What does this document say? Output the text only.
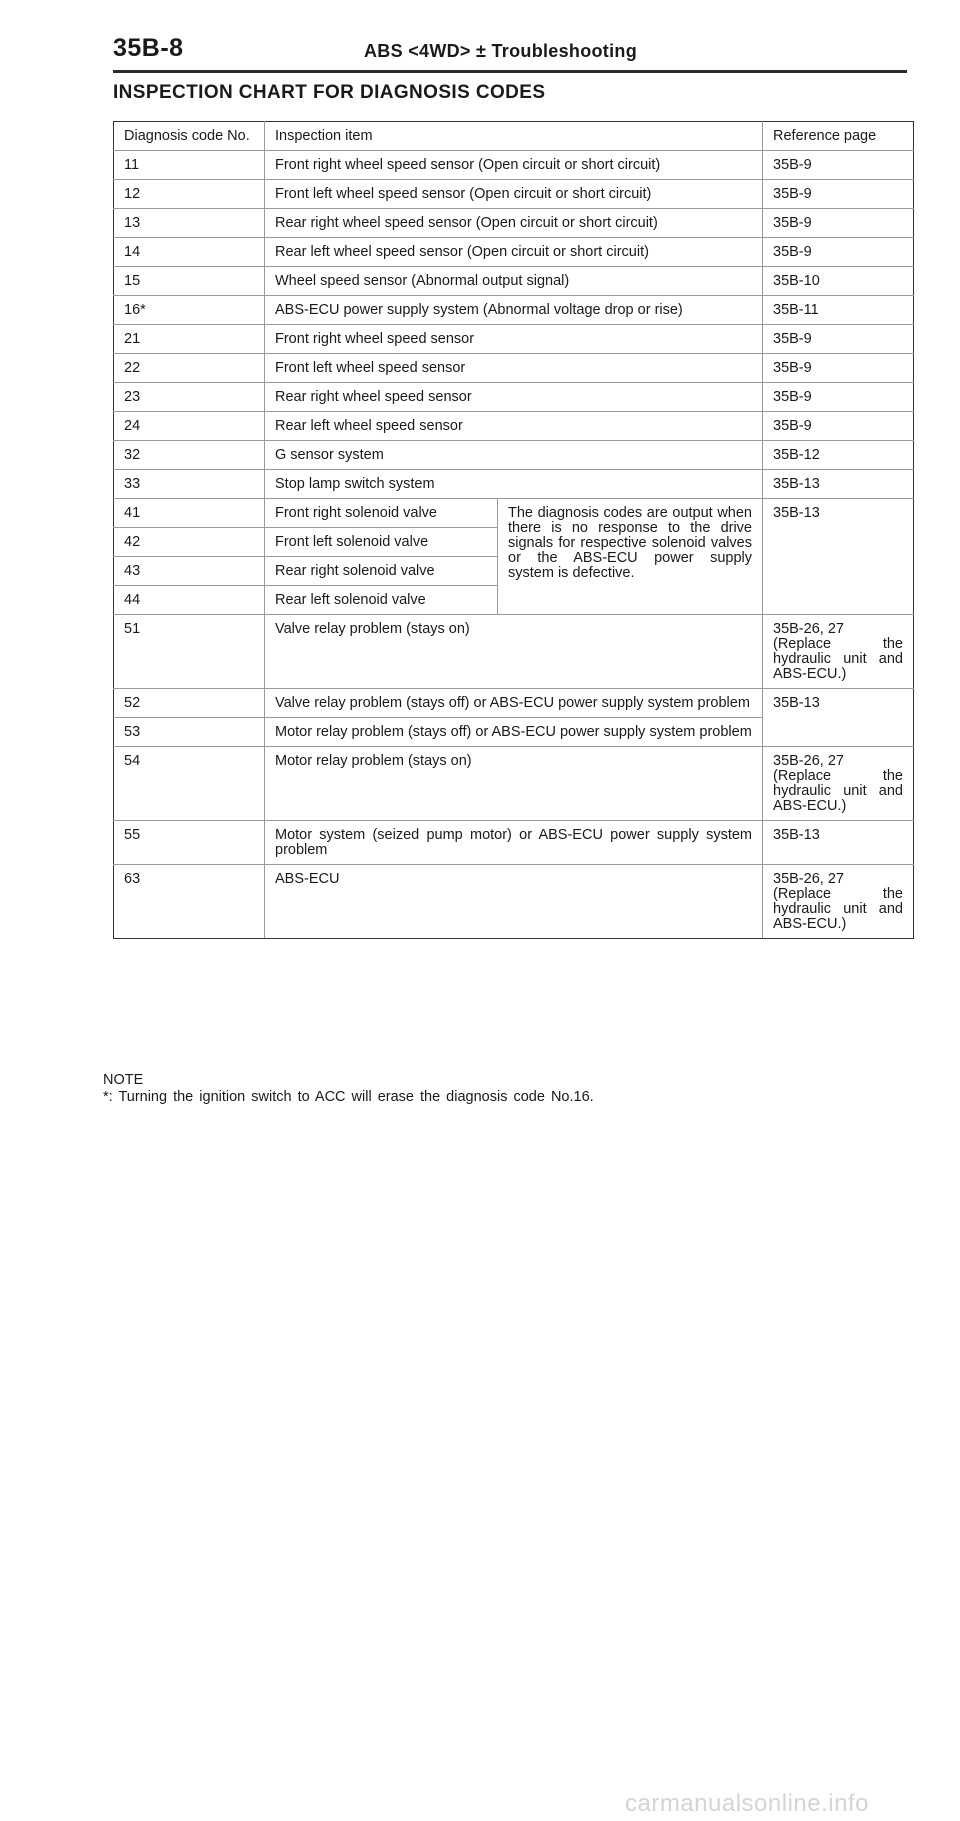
35B-8	ABS <4WD> ± Troubleshooting
INSPECTION CHART FOR DIAGNOSIS CODES
Diagnosis code No.	Inspection item		Reference page
11	Front right wheel speed sensor (Open circuit or short circuit)		35B-9
12	Front left wheel speed sensor (Open circuit or short circuit)		35B-9
13	Rear right wheel speed sensor (Open circuit or short circuit)		35B-9
14	Rear left wheel speed sensor (Open circuit or short circuit)		35B-9
15	Wheel speed sensor (Abnormal output signal)		35B-10
16*	ABS-ECU power supply system (Abnormal voltage drop or rise)		35B-11
21	Front right wheel speed sensor		35B-9
22	Front left wheel speed sensor		35B-9
23	Rear right wheel speed sensor		35B-9
24	Rear left wheel speed sensor		35B-9
32	G sensor system		35B-12
33	Stop lamp switch system		35B-13
41	Front right solenoid valve	The diagnosis codes are output when there is no response to the drive signals for respective solenoid valves or the ABS-ECU power supply system is defective.	35B-13
42	Front left solenoid valve		
43	Rear right solenoid valve		
44	Rear left solenoid valve		
51	Valve relay problem (stays on)		35B-26, 27
(Replace the hydraulic unit and ABS-ECU.)

52	Valve relay problem (stays off) or ABS-ECU power supply system problem		35B-13
53	Motor relay problem (stays off) or ABS-ECU power supply system problem		
54	Motor relay problem (stays on)		35B-26, 27
(Replace the hydraulic unit and ABS-ECU.)

55	Motor system (seized pump motor) or ABS-ECU power supply system problem		35B-13
63	ABS-ECU		35B-26, 27
(Replace the hydraulic unit and ABS-ECU.)
NOTE
*: Turning the ignition switch to ACC will erase the diagnosis code No.16.
carmanualsonline.info
